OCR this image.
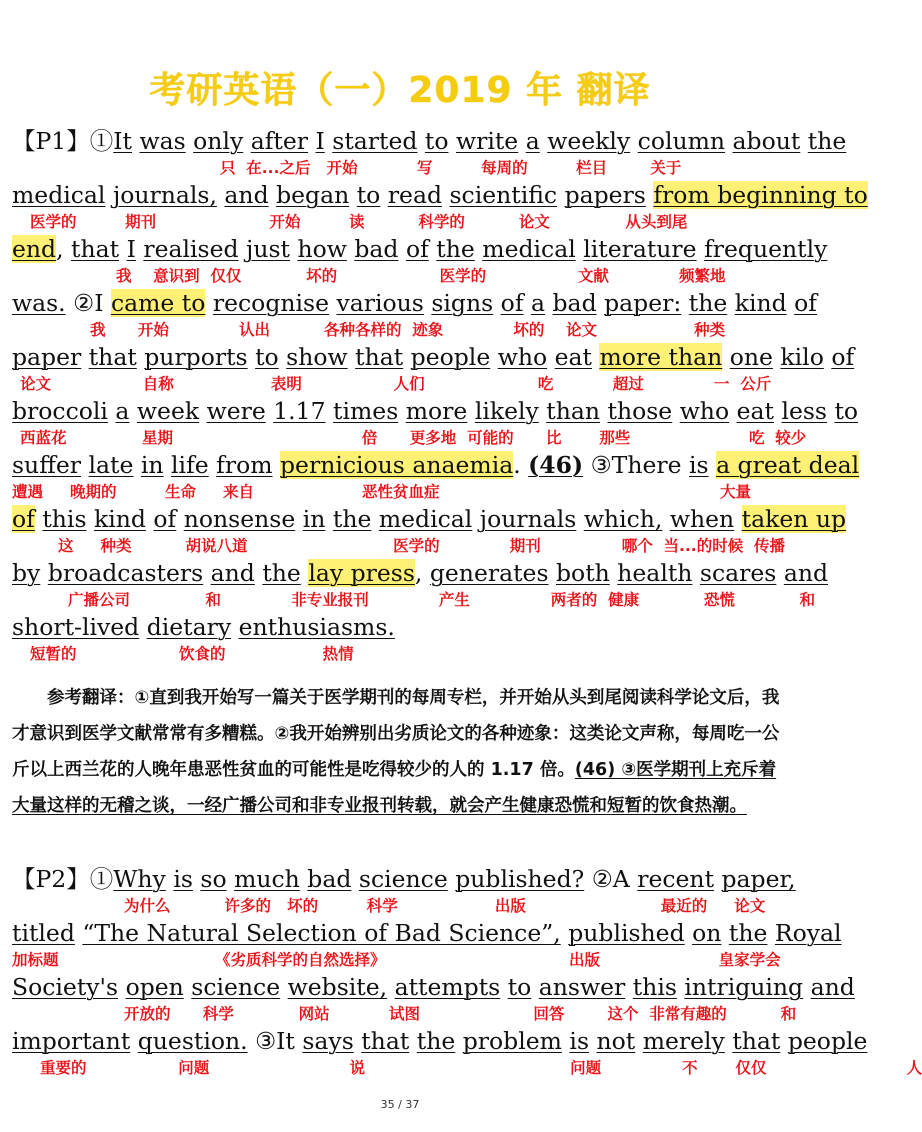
考研英语（一）2019 年 翻译
【P1】①It was only after I started to write a weekly column about the
只  在...之后   开始           写         每周的         栏目        关于
medical journals, and began to read scientific papers from beginning to
医学的         期刊                     开始         读          科学的          论文              从头到尾
end, that I realised just how bad of the medical literature frequently
我    意识到  仅仅            坏的                   医学的                 文献             频繁地
was. ②I came to recognise various signs of a bad paper: the kind of
我      开始             认出          各种各样的  迹象             坏的    论文                  种类
paper that purports to show that people who eat more than one kilo of
论文                 自称                  表明                 人们                     吃           超过             一  公斤
broccoli a week were 1.17 times more likely than those who eat less to
西蓝花              星期                                   倍      更多地  可能的      比       那些                      吃  较少
suffer late in life from pernicious anaemia. (46) ③There is a great deal
遭遇     晚期的         生命     来自                    恶性贫血症                                                    大量
of this kind of nonsense in the medical journals which, when taken up
这     种类          胡说八道                           医学的             期刊               哪个  当...的时候  传播
by broadcasters and the lay press, generates both health scares and
广播公司              和             非专业报刊             产生               两者的  健康            恐慌            和
short-lived dietary enthusiasms.
短暂的                   饮食的                  热情

参考翻译：①直到我开始写一篇关于医学期刊的每周专栏，并开始从头到尾阅读科学论文后，我才意识到医学文献常常有多糟糕。②我开始辨别出劣质论文的各种迹象：这类论文声称，每周吃一公斤以上西兰花的人晚年患恶性贫血的可能性是吃得较少的人的 1.17 倍。(46) ③医学期刊上充斥着大量这样的无稽之谈，一经广播公司和非专业报刊转载，就会产生健康恐慌和短暂的饮食热潮。

【P2】①Why is so much bad science published? ②A recent paper,
为什么          许多的   坏的         科学                  出版                         最近的     论文
titled “The Natural Selection of Bad Science”, published on the Royal
加标题                             《劣质科学的自然选择》                                  出版                      皇家学会
Society's open science website, attempts to answer this intriguing and
开放的      科学            网站           试图                     回答        这个  非常有趣的          和
important question. ③It says that the problem is not merely that people
重要的                 问题                          说                                      问题               不       仅仅                          人
35 / 37
